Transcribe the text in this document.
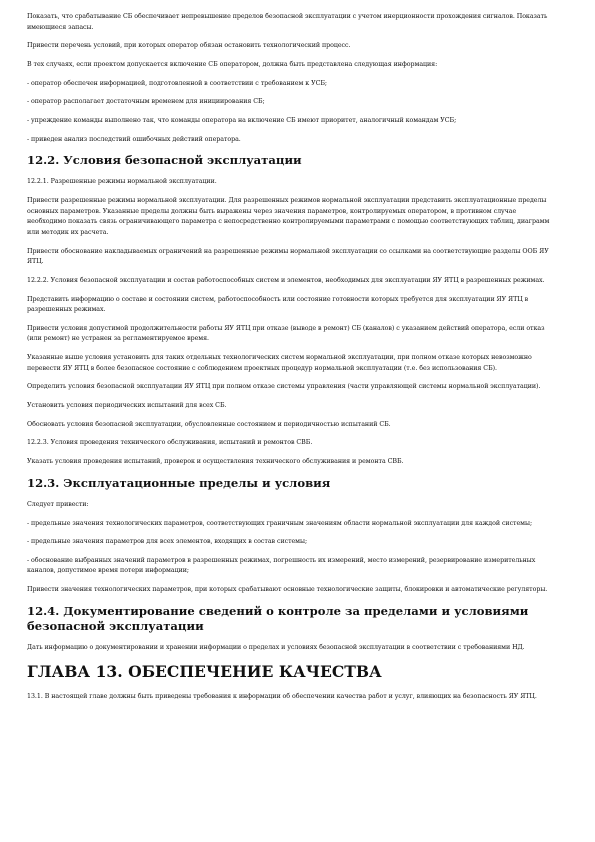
Показать, что срабатывание СБ обеспечивает непревышение пределов безопасной эксплуатации с учетом инерционности прохождения сигналов. Показать имеющиеся запасы.

Привести перечень условий, при которых оператор обязан остановить технологический процесс.

В тех случаях, если проектом допускается включение СБ оператором, должна быть представлена следующая информация:

- оператор обеспечен информацией, подготовленной в соответствии с требованием к УСБ;

- оператор располагает достаточным временем для инициирования СБ;

- упреждение команды выполнено так, что команды оператора на включение СБ имеют приоритет, аналогичный командам УСБ;

- приведен анализ последствий ошибочных действий оператора.

12.2. Условия безопасной эксплуатации

12.2.1. Разрешенные режимы нормальной эксплуатации.

Привести разрешенные режимы нормальной эксплуатации. Для разрешенных режимов нормальной эксплуатации представить эксплуатационные пределы основных параметров. Указанные пределы должны быть выражены через значения параметров, контролируемых оператором, в противном случае необходимо показать связь ограничивающего параметра с непосредственно контролируемыми параметрами с помощью соответствующих таблиц, диаграмм или методик их расчета.

Привести обоснование накладываемых ограничений на разрешенные режимы нормальной эксплуатации со ссылками на соответствующие разделы ООБ ЯУ ЯТЦ.

12.2.2. Условия безопасной эксплуатации и состав работоспособных систем и элементов, необходимых для эксплуатации ЯУ ЯТЦ в разрешенных режимах.

Представить информацию о составе и состоянии систем, работоспособность или состояние готовности которых требуется для эксплуатации ЯУ ЯТЦ в разрешенных режимах.

Привести условия допустимой продолжительности работы ЯУ ЯТЦ при отказе (выводе в ремонт) СБ (каналов) с указанием действий оператора, если отказ (или ремонт) не устранен за регламентируемое время.

Указанные выше условия установить для таких отдельных технологических систем нормальной эксплуатации, при полном отказе которых невозможно перевести ЯУ ЯТЦ в более безопасное состояние с соблюдением проектных процедур нормальной эксплуатации (т.е. без использования СБ).

Определить условия безопасной эксплуатации ЯУ ЯТЦ при полном отказе системы управления (части управляющей системы нормальной эксплуатации).

Установить условия периодических испытаний для всех СБ.

Обосновать условия безопасной эксплуатации, обусловленные состоянием и периодичностью испытаний СБ.

12.2.3. Условия проведения технического обслуживания, испытаний и ремонтов СВБ.

Указать условия проведения испытаний, проверок и осуществления технического обслуживания и ремонта СВБ.

12.3. Эксплуатационные пределы и условия

Следует привести:

- предельные значения технологических параметров, соответствующих граничным значениям области нормальной эксплуатации для каждой системы;

- предельные значения параметров для всех элементов, входящих в состав системы;

- обоснование выбранных значений параметров в разрешенных режимах, погрешность их измерений, место измерений, резервирование измерительных каналов, допустимое время потери информации;

Привести значения технологических параметров, при которых срабатывают основные технологические защиты, блокировки и автоматические регуляторы.

12.4. Документирование сведений о контроле за пределами и условиями безопасной эксплуатации

Дать информацию о документировании и хранении информации о пределах и условиях безопасной эксплуатации в соответствии с требованиями НД.

ГЛАВА 13. ОБЕСПЕЧЕНИЕ КАЧЕСТВА

13.1. В настоящей главе должны быть приведены требования к информации об обеспечении качества работ и услуг, влияющих на безопасность ЯУ ЯТЦ.
